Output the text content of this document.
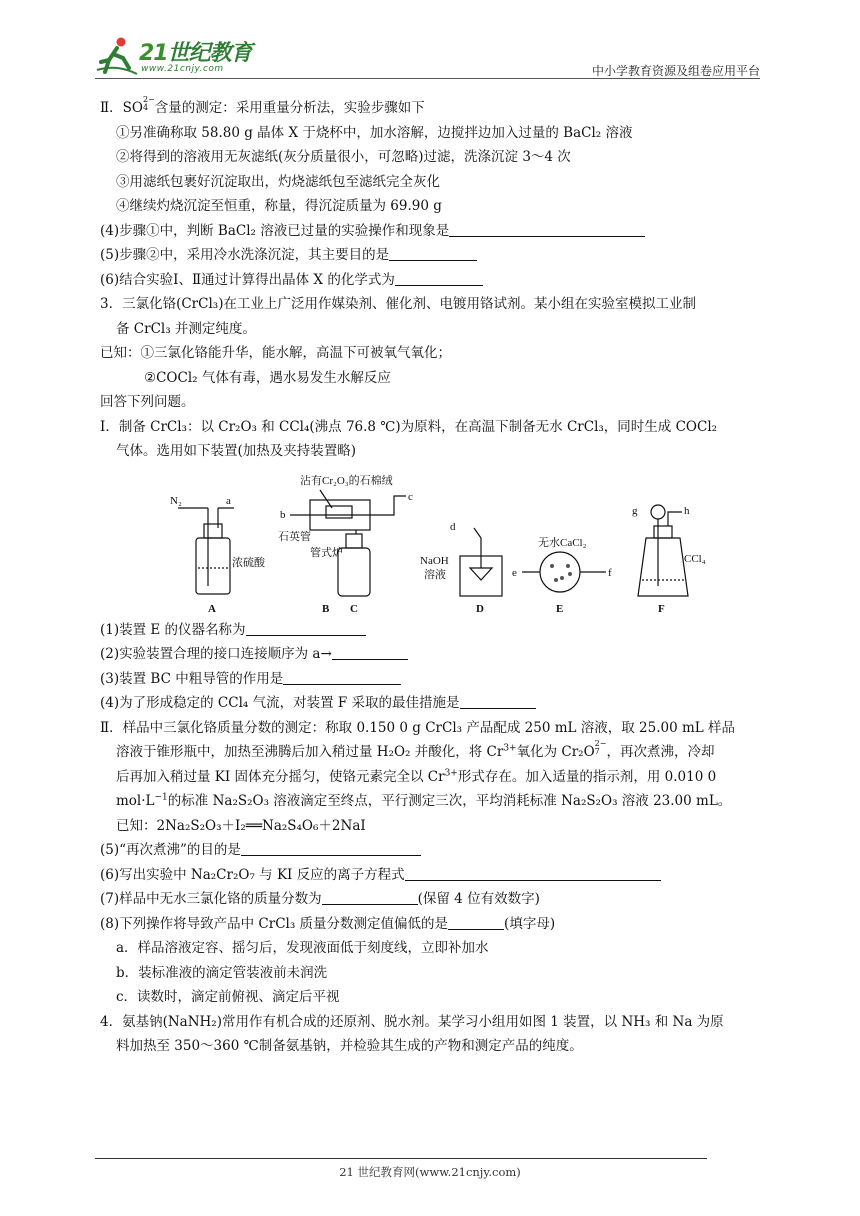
21世纪教育
www.21cnjy.com	中小学教育资源及组卷应用平台
Ⅱ．SO2−
4 含量的测定：采用重量分析法，实验步骤如下
①另准确称取 58.80 g 晶体 X 于烧杯中，加水溶解，边搅拌边加入过量的 BaCl₂ 溶液
②将得到的溶液用无灰滤纸(灰分质量很小，可忽略)过滤，洗涤沉淀 3～4 次
③用滤纸包裹好沉淀取出，灼烧滤纸包至滤纸完全灰化
④继续灼烧沉淀至恒重，称量，得沉淀质量为 69.90 g
(4)步骤①中，判断 BaCl₂ 溶液已过量的实验操作和现象是
(5)步骤②中，采用冷水洗涤沉淀，其主要目的是
(6)结合实验Ⅰ、Ⅱ通过计算得出晶体 X 的化学式为
3．三氯化铬(CrCl₃)在工业上广泛用作媒染剂、催化剂、电镀用铬试剂。某小组在实验室模拟工业制
备 CrCl₃ 并测定纯度。
已知：①三氯化铬能升华，能水解，高温下可被氧气氧化；
②COCl₂ 气体有毒，遇水易发生水解反应
回答下列问题。
Ⅰ．制备 CrCl₃：以 Cr₂O₃ 和 CCl₄(沸点 76.8 ℃)为原料，在高温下制备无水 CrCl₃，同时生成 COCl₂
气体。选用如下装置(加热及夹持装置略)
沾有Cr₂O₃的石棉绒
N₂	a
b
c
d
e	f
g	h
浓硫酸
石英管
管式炉
NaOH
溶液
无水CaCl₂
CCl₄
A	B C	D	E	F
(1)装置 E 的仪器名称为
(2)实验装置合理的接口连接顺序为 a→
(3)装置 BC 中粗导管的作用是
(4)为了形成稳定的 CCl₄ 气流，对装置 F 采取的最佳措施是
Ⅱ．样品中三氯化铬质量分数的测定：称取 0.150 0 g CrCl₃ 产品配成 250 mL 溶液，取 25.00 mL 样品
溶液于锥形瓶中，加热至沸腾后加入稍过量 H₂O₂ 并酸化，将 $Cr^{3+}$氧化为 Cr₂O2−
7 ，再次煮沸，冷却
后再加入稍过量 KI 固体充分摇匀，使铬元素完全以 $Cr^{3+}$形式存在。加入适量的指示剂，用 0.010 0
$mol\cdot L^{-1}$的标准 Na₂S₂O₃ 溶液滴定至终点，平行测定三次，平均消耗标准 Na₂S₂O₃ 溶液 23.00 mL。
已知：2Na₂S₂O₃＋I₂══Na₂S₄O₆＋2NaI
(5)“再次煮沸”的目的是
(6)写出实验中 Na₂Cr₂O₇ 与 KI 反应的离子方程式
(7)样品中无水三氯化铬的质量分数为	(保留 4 位有效数字)
(8)下列操作将导致产品中 CrCl₃ 质量分数测定值偏低的是	(填字母)
a．样品溶液定容、摇匀后，发现液面低于刻度线，立即补加水
b．装标准液的滴定管装液前未润洗
c．读数时，滴定前俯视、滴定后平视
4．氨基钠(NaNH₂)常用作有机合成的还原剂、脱水剂。某学习小组用如图 1 装置，以 NH₃ 和 Na 为原
料加热至 350～360 ℃制备氨基钠，并检验其生成的产物和测定产品的纯度。
21 世纪教育网(www.21cnjy.com)
